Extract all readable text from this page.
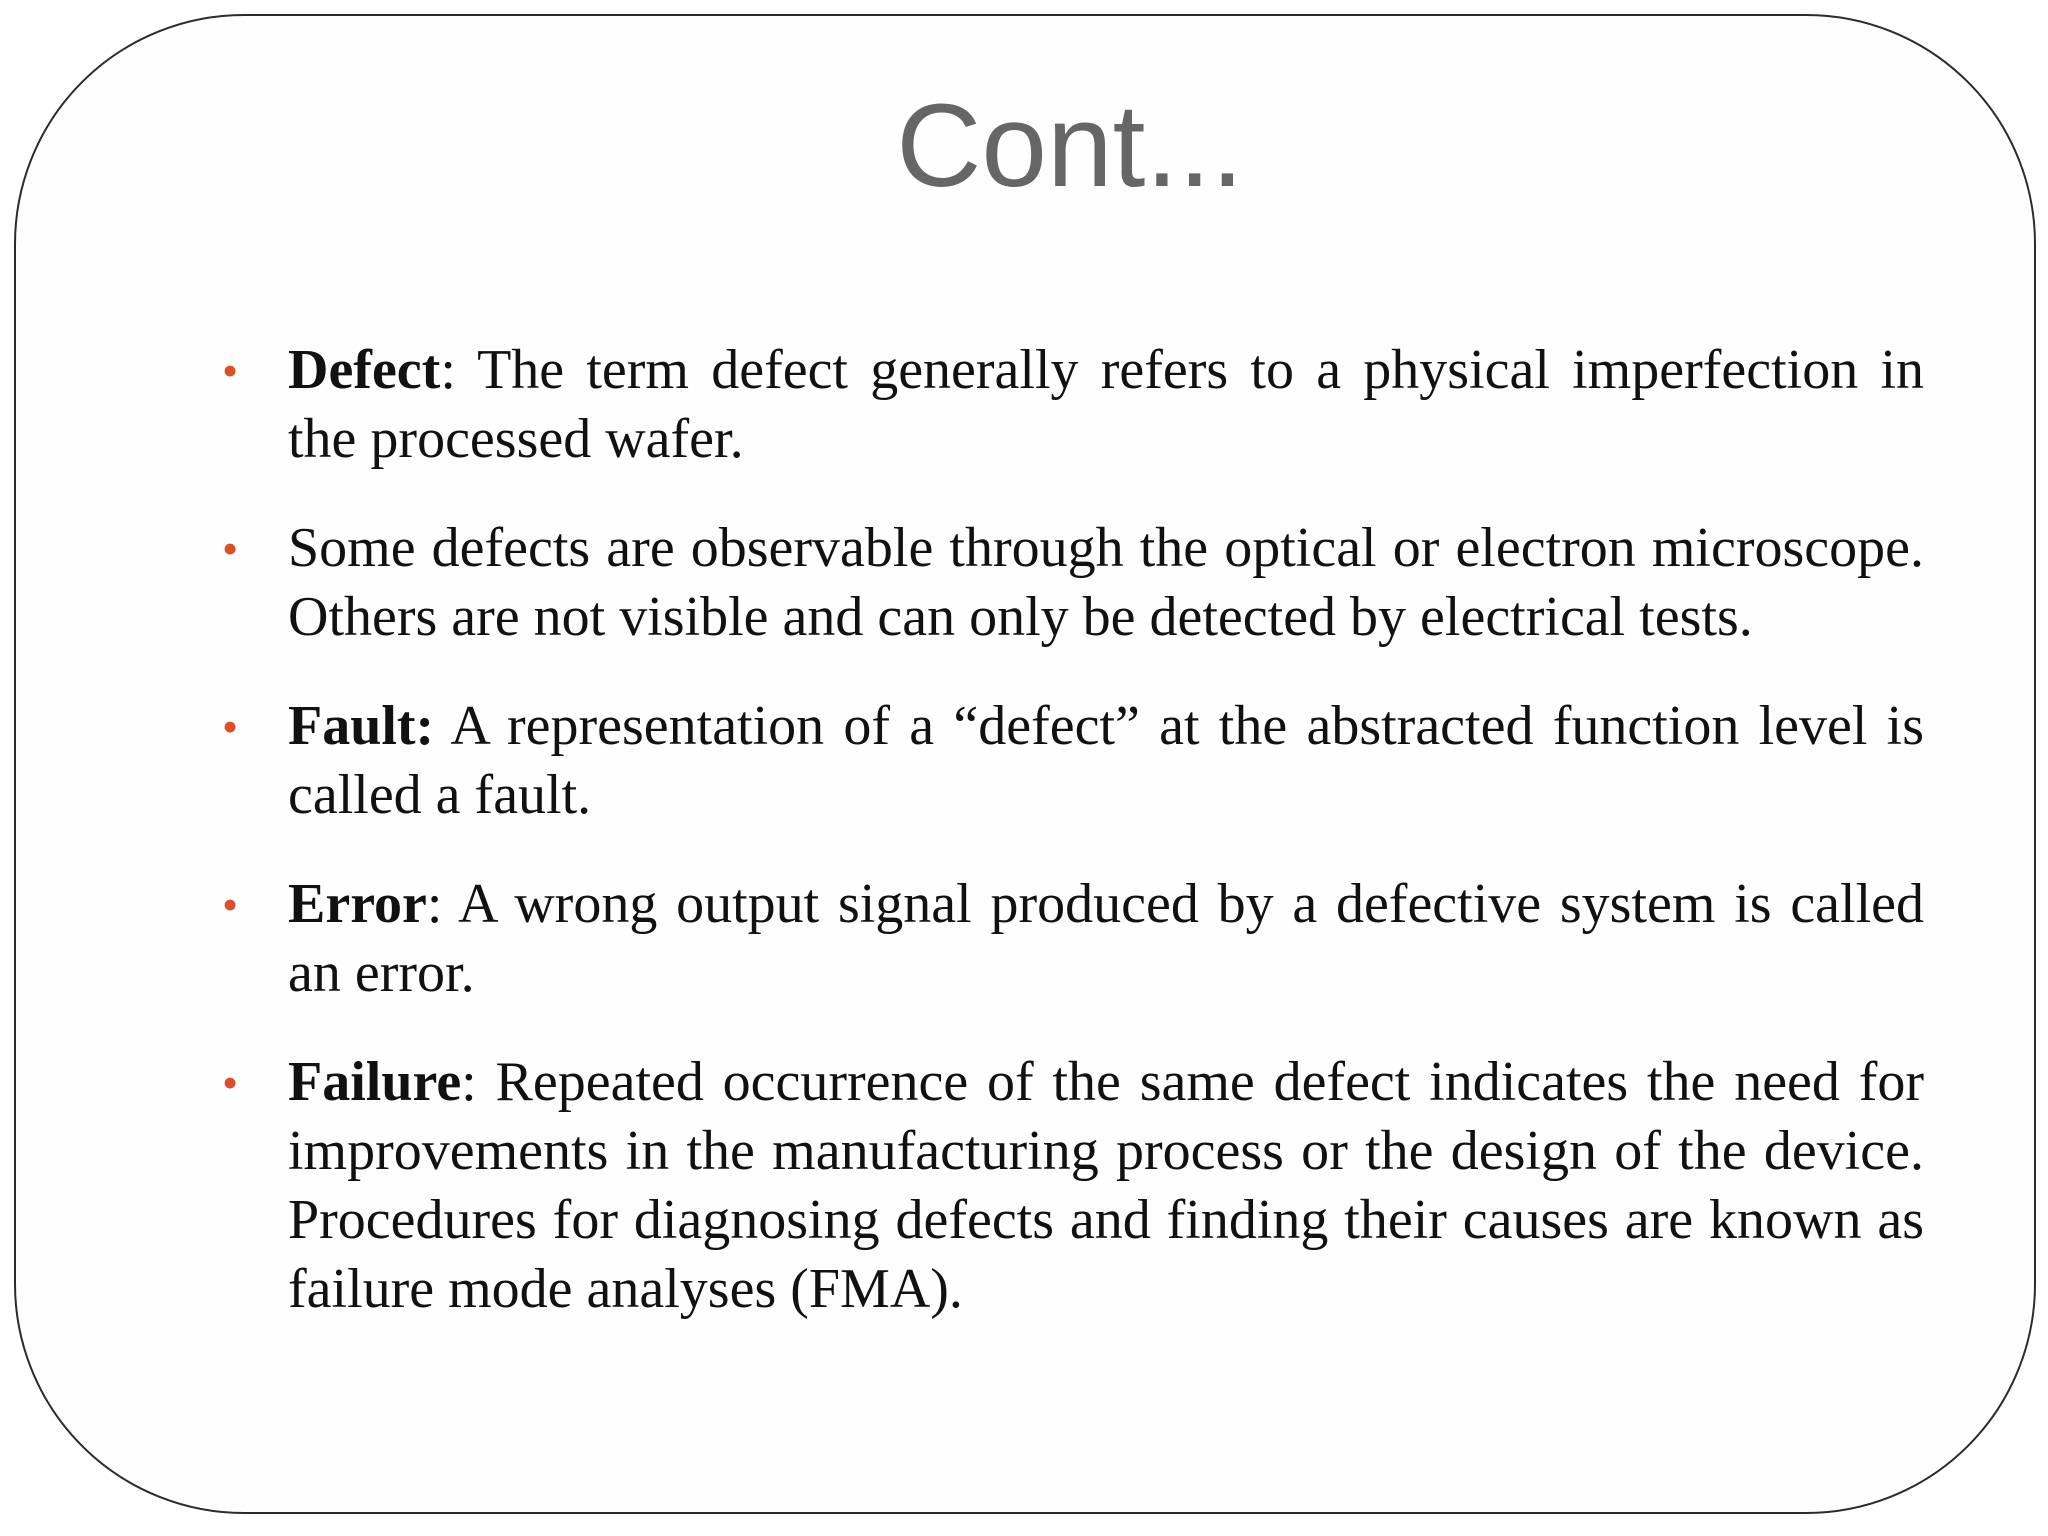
Cont...
• Defect: The term defect generally refers to a physical imperfection in the processed wafer.
• Some defects are observable through the optical or electron microscope. Others are not visible and can only be detected by electrical tests.
• Fault: A representation of a “defect” at the abstracted function level is called a fault.
• Error: A wrong output signal produced by a defective system is called an error.
• Failure: Repeated occurrence of the same defect indicates the need for improvements in the manufacturing process or the design of the device. Procedures for diagnosing defects and finding their causes are known as failure mode analyses (FMA).
